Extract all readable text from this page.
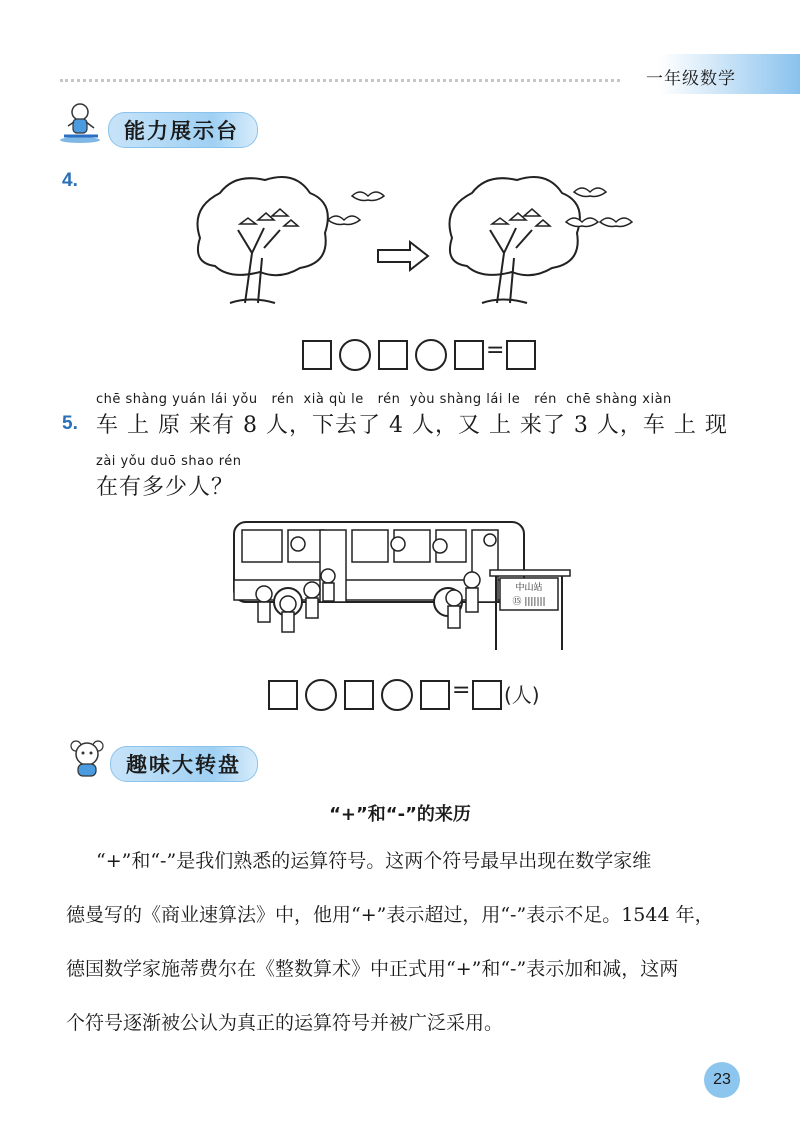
一年级数学
能力展示台
4.
=
chē shàng yuán lái yǒu   rén  xià qù le   rén  yòu shàng lái le   rén  chē shàng xiàn
5. 车 上 原 来有 8 人，下去了 4 人，又 上 来了 3 人，车 上 现
zài yǒu duō shao rén
在有多少人？
中山站
⑮ |||||||
= (人)
趣味大转盘
“+”和“-”的来历
“+”和“-”是我们熟悉的运算符号。这两个符号最早出现在数学家维
德曼写的《商业速算法》中，他用“+”表示超过，用“-”表示不足。1544 年，
德国数学家施蒂费尔在《整数算术》中正式用“+”和“-”表示加和减，这两
个符号逐渐被公认为真正的运算符号并被广泛采用。
23
